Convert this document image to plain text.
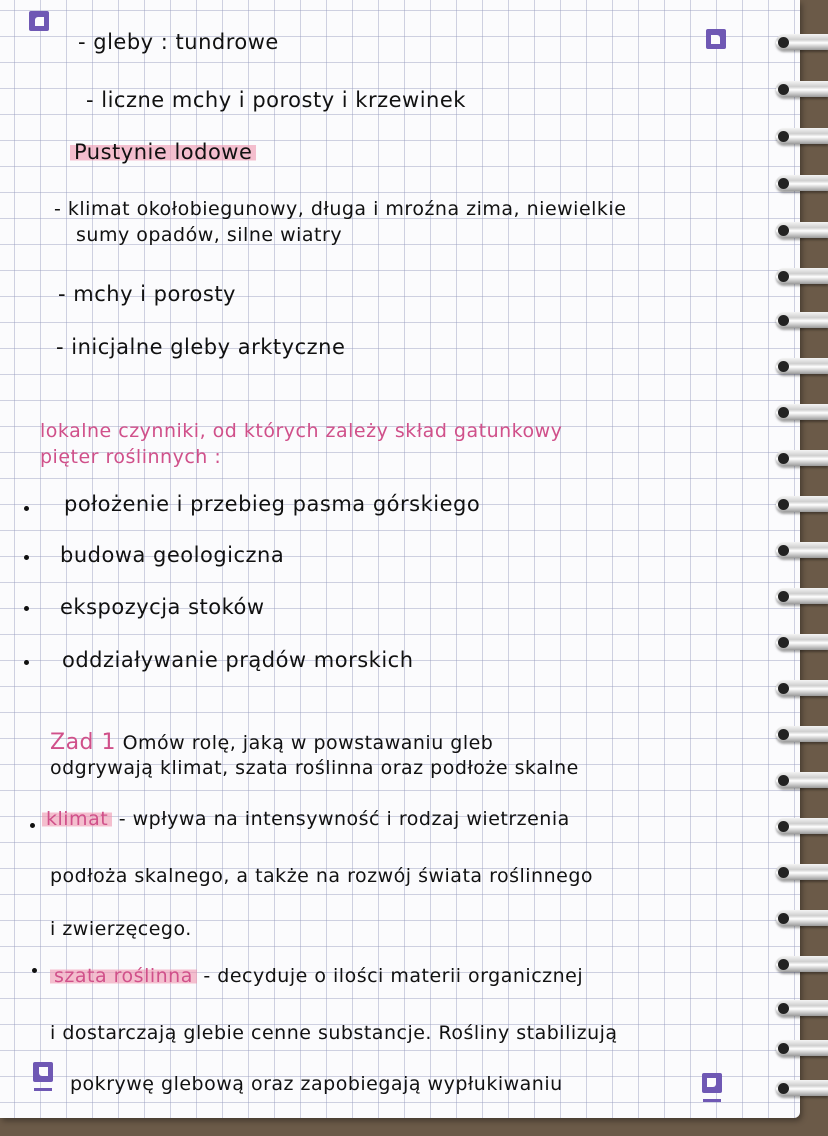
- gleby : tundrowe
- liczne mchy i porosty i krzewinek
Pustynie lodowe
- klimat okołobiegunowy, długa i mroźna zima, niewielkie
sumy opadów, silne wiatry
- mchy i porosty
- inicjalne gleby arktyczne
lokalne czynniki, od których zależy skład gatunkowy
pięter roślinnych :
położenie i przebieg pasma górskiego
budowa geologiczna
ekspozycja stoków
oddziaływanie prądów morskich
Zad 1 Omów rolę, jaką w powstawaniu gleb
odgrywają klimat, szata roślinna oraz podłoże skalne
klimat - wpływa na intensywność i rodzaj wietrzenia
podłoża skalnego, a także na rozwój świata roślinnego
i zwierzęcego.
szata roślinna - decyduje o ilości materii organicznej
i dostarczają glebie cenne substancje. Rośliny stabilizują
pokrywę glebową oraz zapobiegają wypłukiwaniu
